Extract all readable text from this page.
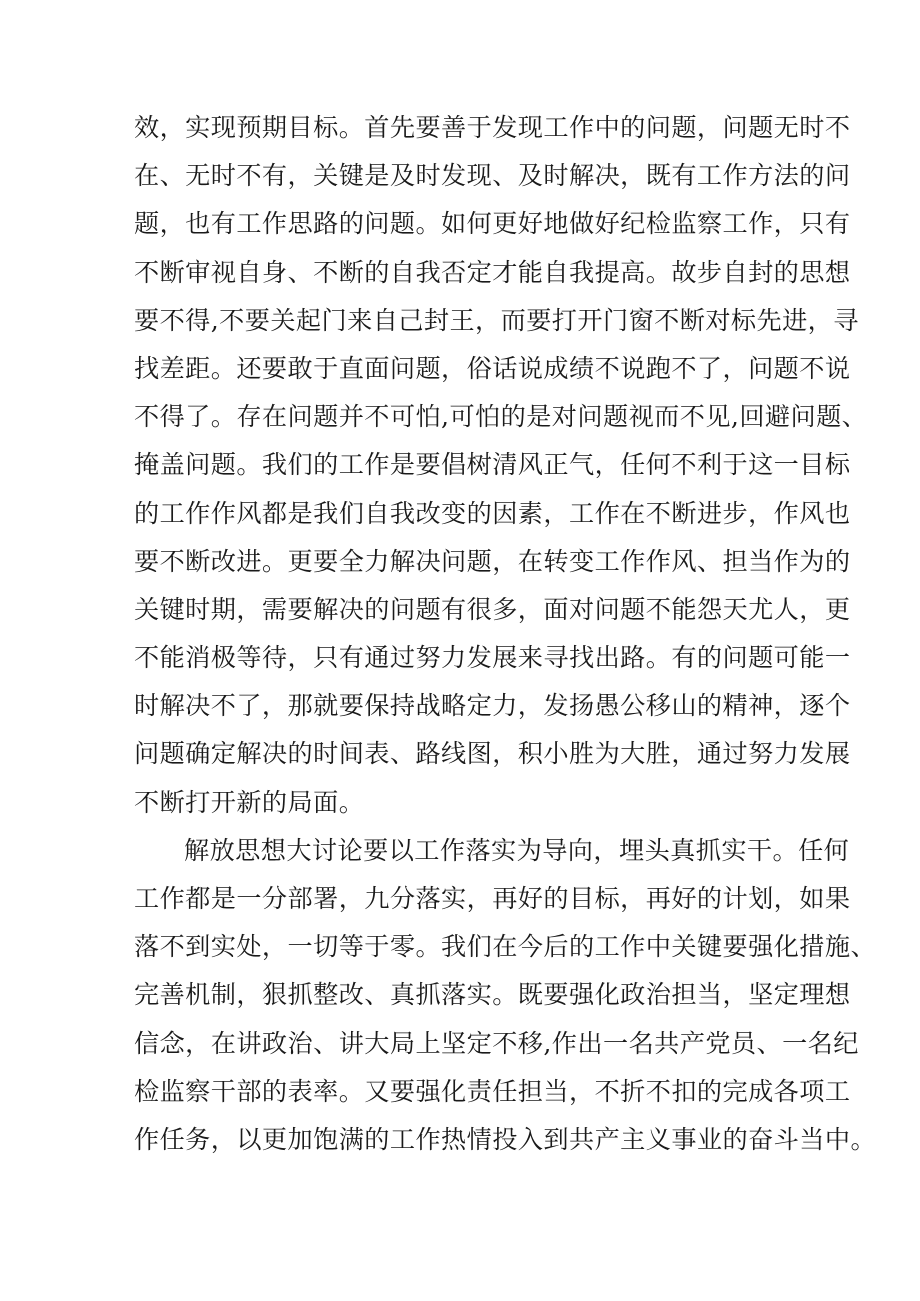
效，实现预期目标。首先要善于发现工作中的问题，问题无时不
在、无时不有，关键是及时发现、及时解决，既有工作方法的问
题，也有工作思路的问题。如何更好地做好纪检监察工作，只有
不断审视自身、不断的自我否定才能自我提高。故步自封的思想
要不得,不要关起门来自己封王，而要打开门窗不断对标先进，寻
找差距。还要敢于直面问题，俗话说成绩不说跑不了，问题不说
不得了。存在问题并不可怕,可怕的是对问题视而不见,回避问题、
掩盖问题。我们的工作是要倡树清风正气，任何不利于这一目标
的工作作风都是我们自我改变的因素，工作在不断进步，作风也
要不断改进。更要全力解决问题，在转变工作作风、担当作为的
关键时期，需要解决的问题有很多，面对问题不能怨天尤人，更
不能消极等待，只有通过努力发展来寻找出路。有的问题可能一
时解决不了，那就要保持战略定力，发扬愚公移山的精神，逐个
问题确定解决的时间表、路线图，积小胜为大胜，通过努力发展
不断打开新的局面。
解放思想大讨论要以工作落实为导向，埋头真抓实干。任何
工作都是一分部署，九分落实，再好的目标，再好的计划，如果
落不到实处，一切等于零。我们在今后的工作中关键要强化措施、
完善机制，狠抓整改、真抓落实。既要强化政治担当，坚定理想
信念，在讲政治、讲大局上坚定不移,作出一名共产党员、一名纪
检监察干部的表率。又要强化责任担当，不折不扣的完成各项工
作任务，以更加饱满的工作热情投入到共产主义事业的奋斗当中。
